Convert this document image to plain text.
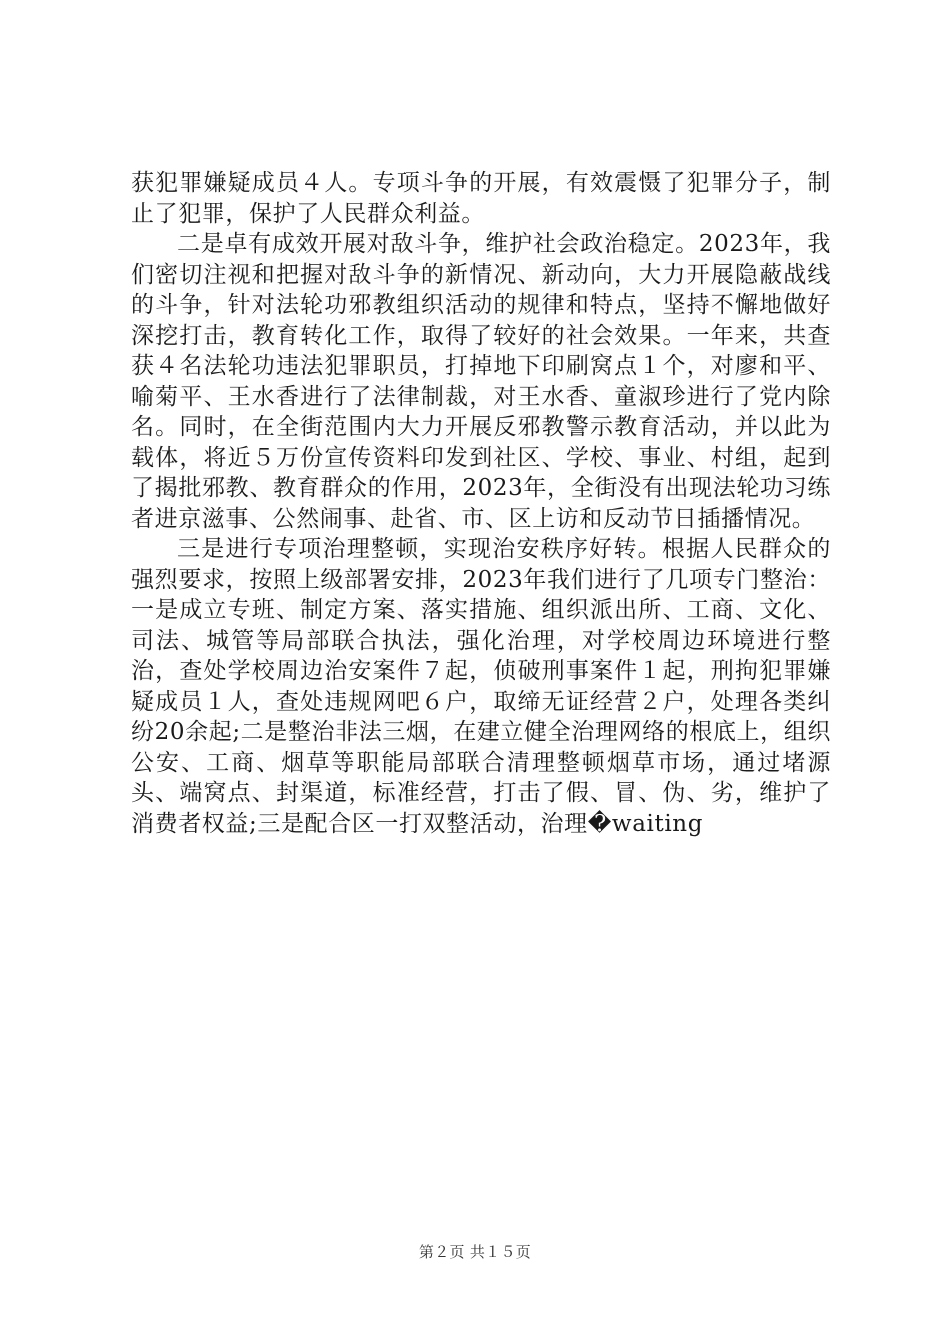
获犯罪嫌疑成员４人。专项斗争的开展，有效震慑了犯罪分子，制止了犯罪，保护了人民群众利益。

二是卓有成效开展对敌斗争，维护社会政治稳定。2023年，我们密切注视和把握对敌斗争的新情况、新动向，大力开展隐蔽战线的斗争，针对法轮功邪教组织活动的规律和特点，坚持不懈地做好深挖打击，教育转化工作，取得了较好的社会效果。一年来，共查获４名法轮功违法犯罪职员，打掉地下印刷窝点１个，对廖和平、喻菊平、王水香进行了法律制裁，对王水香、童淑珍进行了党内除名。同时，在全街范围内大力开展反邪教警示教育活动，并以此为载体，将近５万份宣传资料印发到社区、学校、事业、村组，起到了揭批邪教、教育群众的作用，2023年，全街没有出现法轮功习练者进京滋事、公然闹事、赴省、市、区上访和反动节日插播情况。

三是进行专项治理整顿，实现治安秩序好转。根据人民群众的强烈要求，按照上级部署安排，2023年我们进行了几项专门整治：一是成立专班、制定方案、落实措施、组织派出所、工商、文化、司法、城管等局部联合执法，强化治理，对学校周边环境进行整治，查处学校周边治安案件７起，侦破刑事案件１起，刑拘犯罪嫌疑成员１人，查处违规网吧６户，取缔无证经营２户，处理各类纠纷20余起;二是整治非法三烟，在建立健全治理网络的根底上，组织公安、工商、烟草等职能局部联合清理整顿烟草市场，通过堵源头、端窝点、封渠道，标准经营，打击了假、冒、伪、劣，维护了消费者权益;三是配合区一打双整活动，治理�waiting

第２页 共１５页
